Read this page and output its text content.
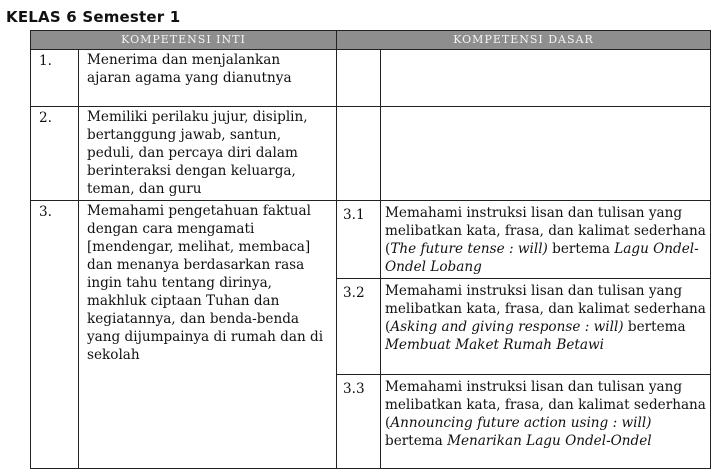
KELAS 6 Semester 1
KOMPETENSI INTI		KOMPETENSI DASAR	
1.	Menerima dan menjalankan ajaran agama yang dianutnya		
2.	Memiliki perilaku jujur, disiplin, bertanggung jawab, santun, peduli, dan percaya diri dalam berinteraksi dengan keluarga, teman, dan guru		
3.	Memahami pengetahuan faktual dengan cara mengamati [mendengar, melihat, membaca] dan menanya berdasarkan rasa ingin tahu tentang dirinya, makhluk ciptaan Tuhan dan kegiatannya, dan benda-benda yang dijumpainya di rumah dan di sekolah	3.1	Memahami instruksi lisan dan tulisan yang melibatkan kata, frasa, dan kalimat sederhana (The future tense : will) bertema Lagu Ondel-Ondel Lobang
		3.2	Memahami instruksi lisan dan tulisan yang melibatkan kata, frasa, dan kalimat sederhana (Asking and giving response : will) bertema Membuat Maket Rumah Betawi
		3.3	Memahami instruksi lisan dan tulisan yang melibatkan kata, frasa, dan kalimat sederhana (Announcing future action using : will) bertema Menarikan Lagu Ondel-Ondel
